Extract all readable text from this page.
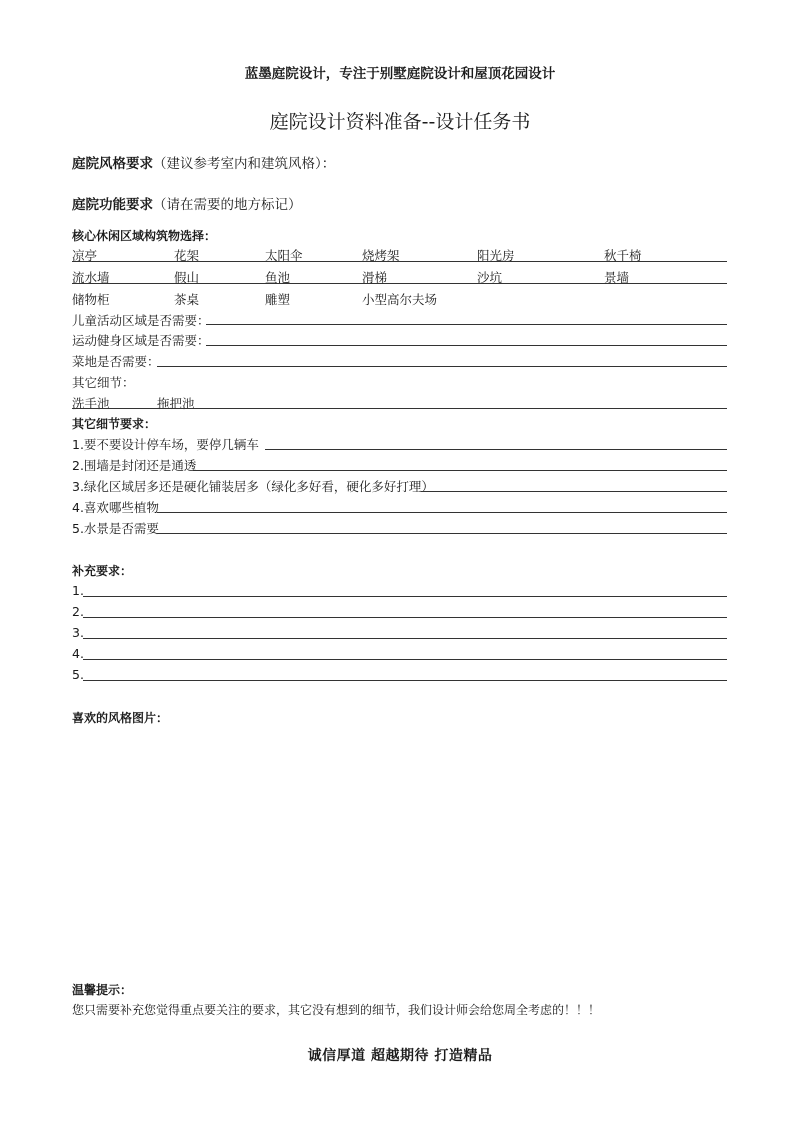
蓝墨庭院设计，专注于别墅庭院设计和屋顶花园设计
庭院设计资料准备--设计任务书
庭院风格要求（建议参考室内和建筑风格）：
庭院功能要求（请在需要的地方标记）
核心休闲区域构筑物选择：
凉亭	花架	太阳伞	烧烤架	阳光房	秋千椅
流水墙	假山	鱼池	滑梯	沙坑	景墙
储物柜	茶桌	雕塑	小型高尔夫场
儿童活动区域是否需要：
运动健身区域是否需要：
菜地是否需要：
其它细节：
洗手池	拖把池
其它细节要求：
1.要不要设计停车场，要停几辆车
2.围墙是封闭还是通透
3.绿化区域居多还是硬化铺装居多（绿化多好看，硬化多好打理）
4.喜欢哪些植物
5.水景是否需要
补充要求：
1.
2.
3.
4.
5.
喜欢的风格图片：
温馨提示：
您只需要补充您觉得重点要关注的要求，其它没有想到的细节，我们设计师会给您周全考虑的！！！
诚信厚道 超越期待 打造精品
